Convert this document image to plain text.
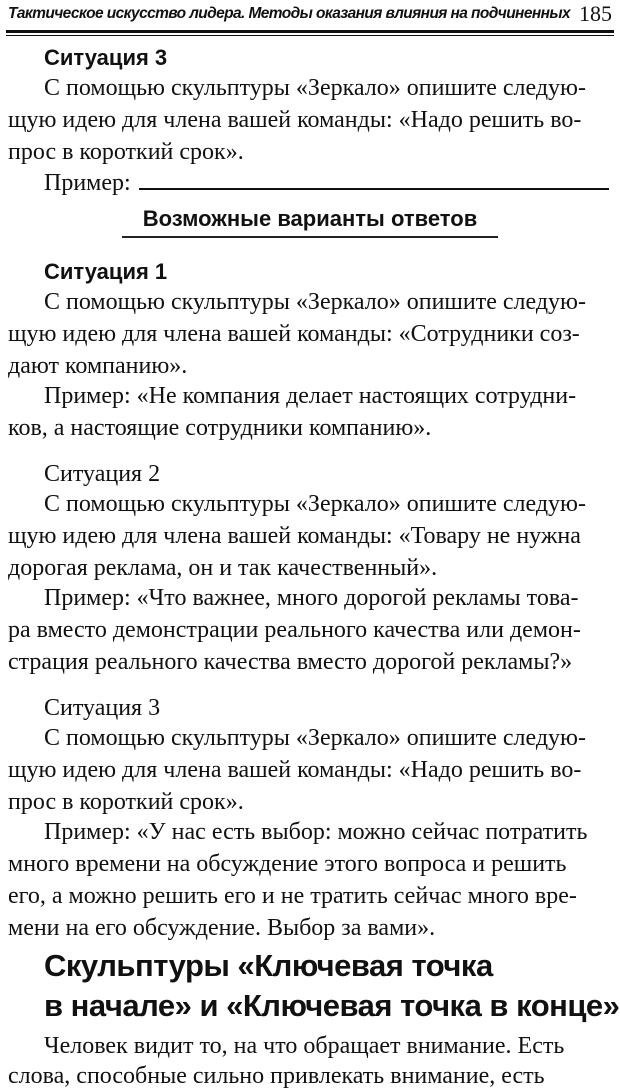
Тактическое искусство лидера. Методы оказания влияния на подчиненных 185
Ситуация 3
С помощью скульптуры «Зеркало» опишите следую-
щую идею для члена вашей команды: «Надо решить во-
прос в короткий срок».
Пример:
Возможные варианты ответов
Ситуация 1
С помощью скульптуры «Зеркало» опишите следую-
щую идею для члена вашей команды: «Сотрудники соз-
дают компанию».
Пример: «Не компания делает настоящих сотрудни-
ков, а настоящие сотрудники компанию».
Ситуация 2
С помощью скульптуры «Зеркало» опишите следую-
щую идею для члена вашей команды: «Товару не нужна
дорогая реклама, он и так качественный».
Пример: «Что важнее, много дорогой рекламы това-
ра вместо демонстрации реального качества или демон-
страция реального качества вместо дорогой рекламы?»
Ситуация 3
С помощью скульптуры «Зеркало» опишите следую-
щую идею для члена вашей команды: «Надо решить во-
прос в короткий срок».
Пример: «У нас есть выбор: можно сейчас потратить
много времени на обсуждение этого вопроса и решить
его, а можно решить его и не тратить сейчас много вре-
мени на его обсуждение. Выбор за вами».
Скульптуры «Ключевая точка
в начале» и «Ключевая точка в конце»
Человек видит то, на что обращает внимание. Есть
слова, способные сильно привлекать внимание, есть
